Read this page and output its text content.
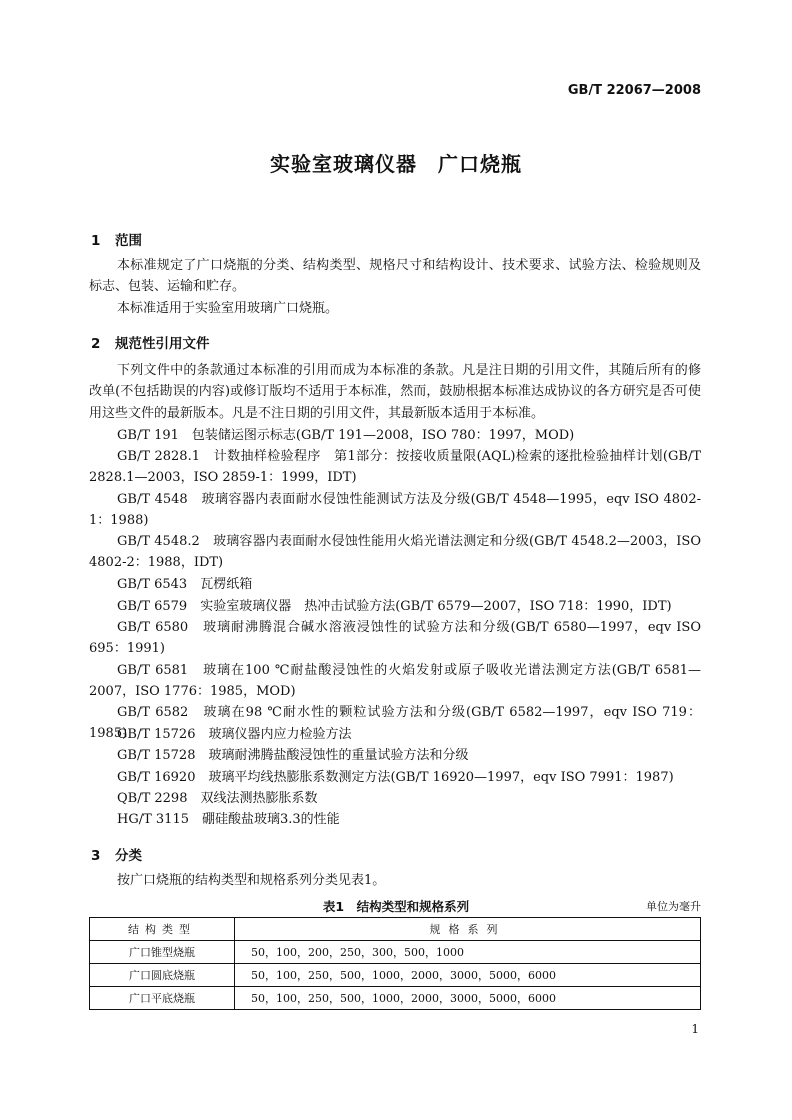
GB/T 22067—2008
实验室玻璃仪器　广口烧瓶
1 范围
本标准规定了广口烧瓶的分类、结构类型、规格尺寸和结构设计、技术要求、试验方法、检验规则及标志、包装、运输和贮存。
本标准适用于实验室用玻璃广口烧瓶。
2 规范性引用文件
下列文件中的条款通过本标准的引用而成为本标准的条款。凡是注日期的引用文件，其随后所有的修改单(不包括勘误的内容)或修订版均不适用于本标准，然而，鼓励根据本标准达成协议的各方研究是否可使用这些文件的最新版本。凡是不注日期的引用文件，其最新版本适用于本标准。
GB/T 191　包装储运图示标志(GB/T 191—2008，ISO 780：1997，MOD)
GB/T 2828.1　计数抽样检验程序　第1部分：按接收质量限(AQL)检索的逐批检验抽样计划(GB/T 2828.1—2003，ISO 2859-1：1999，IDT)
GB/T 4548　玻璃容器内表面耐水侵蚀性能测试方法及分级(GB/T 4548—1995，eqv ISO 4802-1：1988)
GB/T 4548.2　玻璃容器内表面耐水侵蚀性能用火焰光谱法测定和分级(GB/T 4548.2—2003，ISO 4802-2：1988，IDT)
GB/T 6543　瓦楞纸箱
GB/T 6579　实验室玻璃仪器　热冲击试验方法(GB/T 6579—2007，ISO 718：1990，IDT)
GB/T 6580　玻璃耐沸腾混合碱水溶液浸蚀性的试验方法和分级(GB/T 6580—1997，eqv ISO 695：1991)
GB/T 6581　玻璃在100 ℃耐盐酸浸蚀性的火焰发射或原子吸收光谱法测定方法(GB/T 6581—2007，ISO 1776：1985，MOD)
GB/T 6582　玻璃在98 ℃耐水性的颗粒试验方法和分级(GB/T 6582—1997，eqv ISO 719：1985)
GB/T 15726　玻璃仪器内应力检验方法
GB/T 15728　玻璃耐沸腾盐酸浸蚀性的重量试验方法和分级
GB/T 16920　玻璃平均线热膨胀系数测定方法(GB/T 16920—1997，eqv ISO 7991：1987)
QB/T 2298　双线法测热膨胀系数
HG/T 3115　硼硅酸盐玻璃3.3的性能
3 分类
按广口烧瓶的结构类型和规格系列分类见表1。
表1　结构类型和规格系列	单位为毫升
结构类型	规格系列
广口锥型烧瓶	50，100，200，250，300，500，1000
广口圆底烧瓶	50，100，250，500，1000，2000，3000，5000，6000
广口平底烧瓶	50，100，250，500，1000，2000，3000，5000，6000
1
